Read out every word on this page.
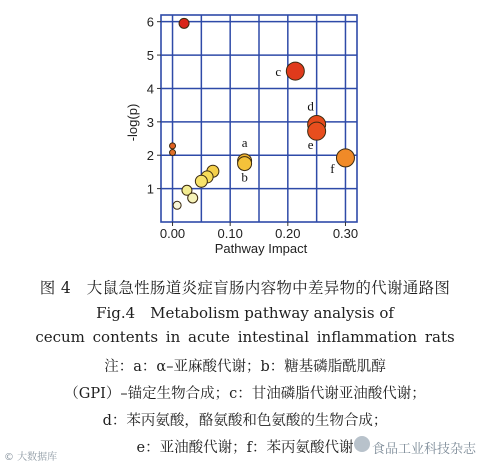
0.00 0.10 0.20 0.30
1
2
3
4
5
6
c
d
e
f
a
b
Pathway Impact
-log(p)
图 4　大鼠急性肠道炎症盲肠内容物中差异物的代谢通路图
Fig.4　Metabolism pathway analysis of
cecum contents in acute intestinal inflammation rats
注：a：α–亚麻酸代谢；b：糖基磷脂酰肌醇
（GPI）–锚定生物合成；c：甘油磷脂代谢亚油酸代谢；
d：苯丙氨酸，酪氨酸和色氨酸的生物合成；
e：亚油酸代谢；f：苯丙氨酸代谢
© 大数据库
食品工业科技杂志
